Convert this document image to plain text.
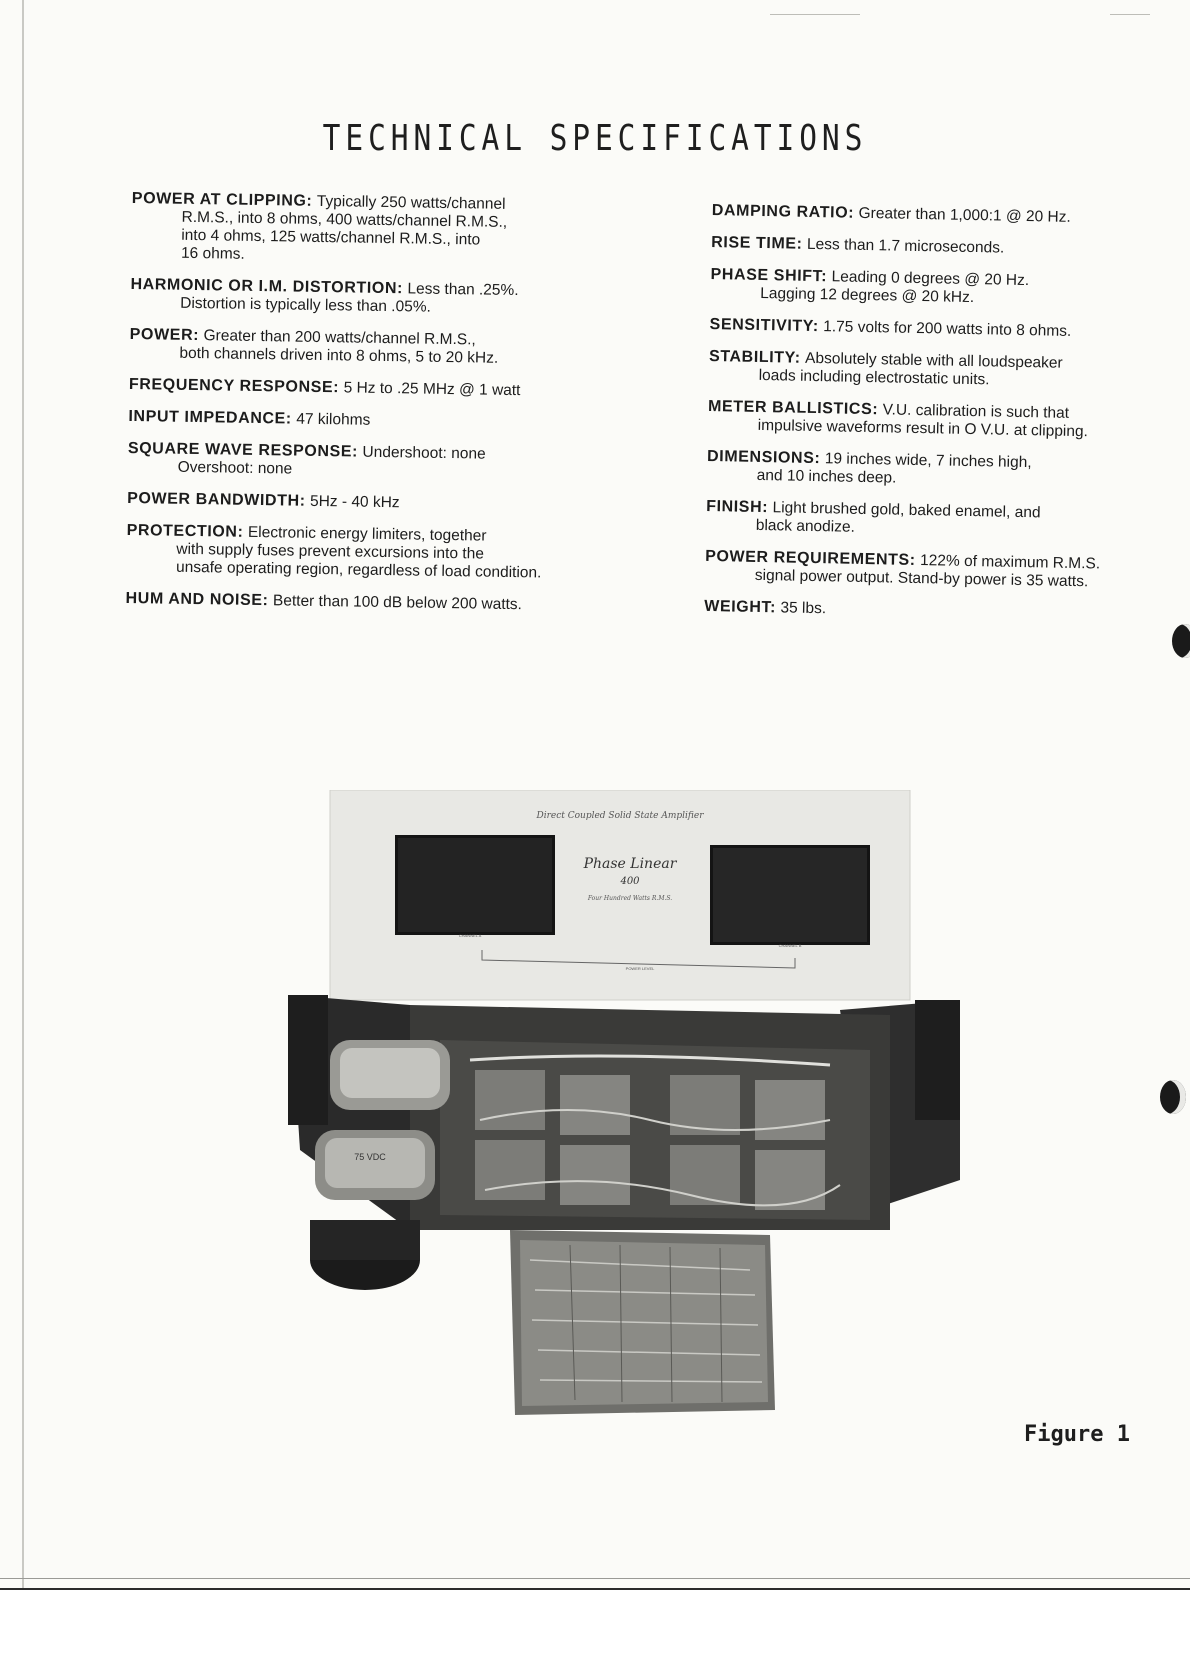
TECHNICAL SPECIFICATIONS
POWER AT CLIPPING: Typically 250 watts/channel
R.M.S., into 8 ohms, 400 watts/channel R.M.S.,
into 4 ohms, 125 watts/channel R.M.S., into
16 ohms.
HARMONIC OR I.M. DISTORTION: Less than .25%.
Distortion is typically less than .05%.
POWER: Greater than 200 watts/channel R.M.S.,
both channels driven into 8 ohms, 5 to 20 kHz.
FREQUENCY RESPONSE: 5 Hz to .25 MHz @ 1 watt
INPUT IMPEDANCE: 47 kilohms
SQUARE WAVE RESPONSE: Undershoot: none
Overshoot: none
POWER BANDWIDTH: 5Hz - 40 kHz
PROTECTION: Electronic energy limiters, together
with supply fuses prevent excursions into the
unsafe operating region, regardless of load condition.
HUM AND NOISE: Better than 100 dB below 200 watts.
DAMPING RATIO: Greater than 1,000:1 @ 20 Hz.
RISE TIME: Less than 1.7 microseconds.
PHASE SHIFT: Leading 0 degrees @ 20 Hz.
Lagging 12 degrees @ 20 kHz.
SENSITIVITY: 1.75 volts for 200 watts into 8 ohms.
STABILITY: Absolutely stable with all loudspeaker
loads including electrostatic units.
METER BALLISTICS: V.U. calibration is such that
impulsive waveforms result in O V.U. at clipping.
DIMENSIONS: 19 inches wide, 7 inches high,
and 10 inches deep.
FINISH: Light brushed gold, baked enamel, and
black anodize.
POWER REQUIREMENTS: 122% of maximum R.M.S.
signal power output. Stand-by power is 35 watts.
WEIGHT: 35 lbs.
Direct Coupled Solid State Amplifier
Phase Linear
400
Four Hundred Watts R.M.S.
CHANNEL A
CHANNEL B
POWER LEVEL
75 VDC
Figure 1
